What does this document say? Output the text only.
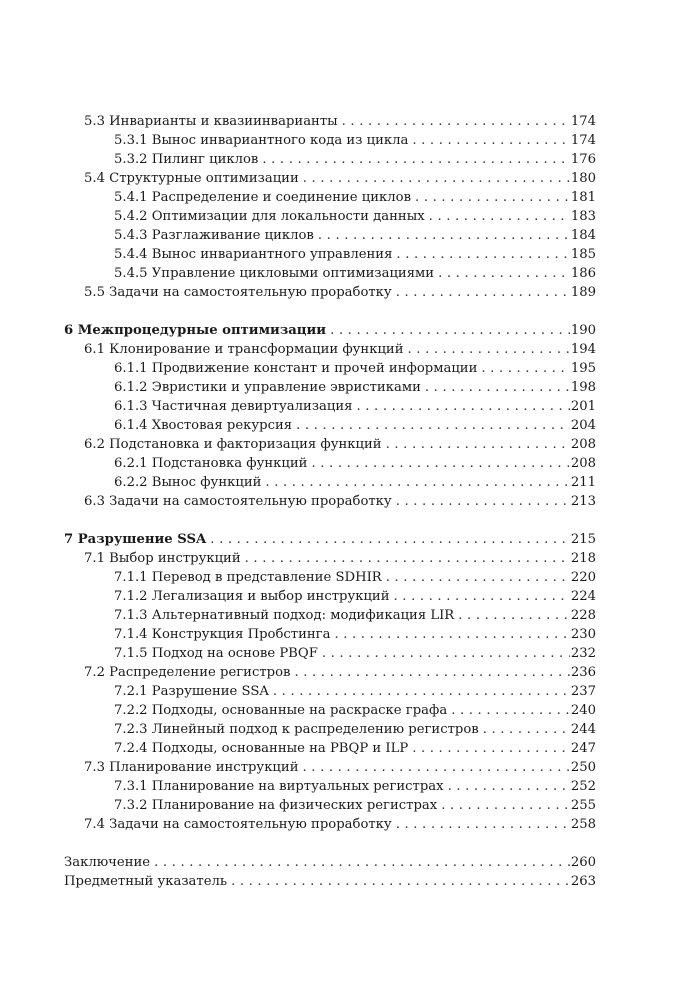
5.3 Инварианты и квазиинварианты . . .	174
5.3.1 Вынос инвариантного кода из цикла . . .	174
5.3.2 Пилинг циклов . . .	176
5.4 Структурные оптимизации . . .	180
5.4.1 Распределение и соединение циклов . . .	181
5.4.2 Оптимизации для локальности данных . . .	183
5.4.3 Разглаживание циклов . . .	184
5.4.4 Вынос инвариантного управления . . .	185
5.4.5 Управление цикловыми оптимизациями . . .	186
5.5 Задачи на самостоятельную проработку . . .	189
6 Межпроцедурные оптимизации . . .	190
6.1 Клонирование и трансформации функций . . .	194
6.1.1 Продвижение констант и прочей информации . . .	195
6.1.2 Эвристики и управление эвристиками . . .	198
6.1.3 Частичная девиртуализация . . .	201
6.1.4 Хвостовая рекурсия . . .	204
6.2 Подстановка и факторизация функций . . .	208
6.2.1 Подстановка функций . . .	208
6.2.2 Вынос функций . . .	211
6.3 Задачи на самостоятельную проработку . . .	213
7 Разрушение SSA . . .	215
7.1 Выбор инструкций . . .	218
7.1.1 Перевод в представление SDHIR . . .	220
7.1.2 Легализация и выбор инструкций . . .	224
7.1.3 Альтернативный подход: модификация LIR . . .	228
7.1.4 Конструкция Пробстинга . . .	230
7.1.5 Подход на основе PBQF . . .	232
7.2 Распределение регистров . . .	236
7.2.1 Разрушение SSA . . .	237
7.2.2 Подходы, основанные на раскраске графа . . .	240
7.2.3 Линейный подход к распределению регистров . . .	244
7.2.4 Подходы, основанные на PBQP и ILP . . .	247
7.3 Планирование инструкций . . .	250
7.3.1 Планирование на виртуальных регистрах . . .	252
7.3.2 Планирование на физических регистрах . . .	255
7.4 Задачи на самостоятельную проработку . . .	258
Заключение . . .	260
Предметный указатель . . .	263
